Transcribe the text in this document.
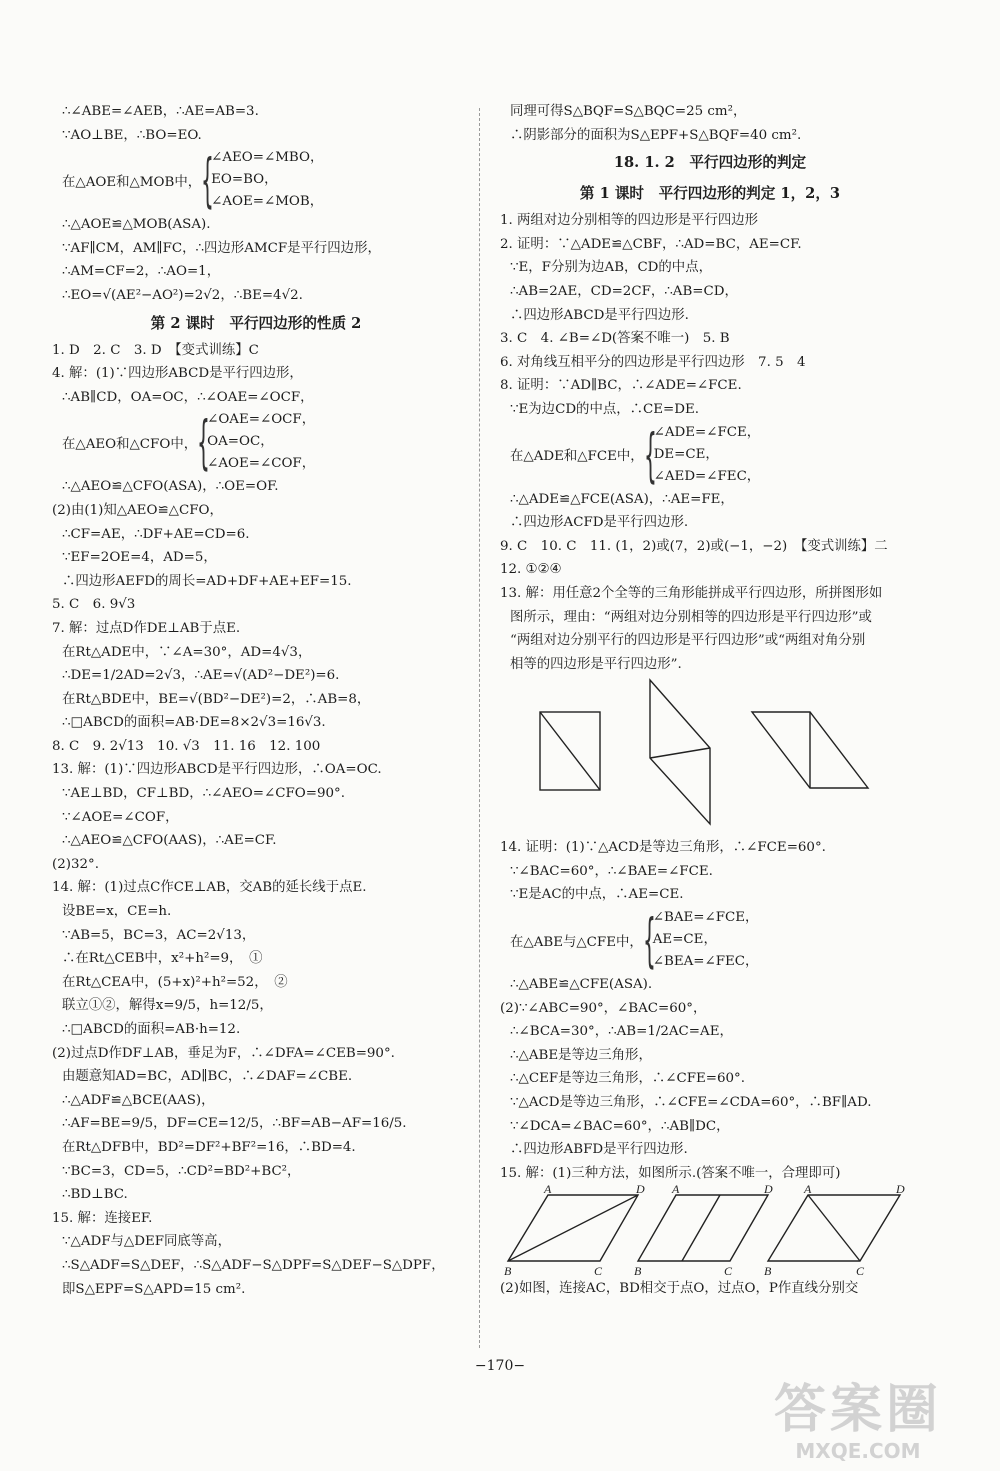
∴∠ABE=∠AEB，∴AE=AB=3.
∵AO⊥BE，∴BO=EO.
在△AOE和△MOB中， {
∠AEO=∠MBO，
EO=BO，
∠AOE=∠MOB，
∴△AOE≌△MOB(ASA).
∵AF∥CM，AM∥FC，∴四边形AMCF是平行四边形，
∴AM=CF=2，∴AO=1，
∴EO=√(AE²−AO²)=2√2，∴BE=4√2.
第 2 课时　平行四边形的性质 2
1. D　2. C　3. D　【变式训练】C
4. 解：(1)∵四边形ABCD是平行四边形，
∴AB∥CD，OA=OC，∴∠OAE=∠OCF，
在△AEO和△CFO中， {
∠OAE=∠OCF，
OA=OC，
∠AOE=∠COF，
∴△AEO≌△CFO(ASA)，∴OE=OF.
(2)由(1)知△AEO≌△CFO，
∴CF=AE，∴DF+AE=CD=6.
∵EF=2OE=4，AD=5，
∴四边形AEFD的周长=AD+DF+AE+EF=15.
5. C　6. 9√3
7. 解：过点D作DE⊥AB于点E.
在Rt△ADE中，∵∠A=30°，AD=4√3，
∴DE=1/2AD=2√3，∴AE=√(AD²−DE²)=6.
在Rt△BDE中，BE=√(BD²−DE²)=2，∴AB=8，
∴□ABCD的面积=AB·DE=8×2√3=16√3.
8. C　9. 2√13　10. √3　11. 16　12. 100
13. 解：(1)∵四边形ABCD是平行四边形，∴OA=OC.
∵AE⊥BD，CF⊥BD，∴∠AEO=∠CFO=90°.
∵∠AOE=∠COF，
∴△AEO≌△CFO(AAS)，∴AE=CF.
(2)32°.
14. 解：(1)过点C作CE⊥AB，交AB的延长线于点E.
设BE=x，CE=h.
∵AB=5，BC=3，AC=2√13，
∴在Rt△CEB中，x²+h²=9，　①
在Rt△CEA中，(5+x)²+h²=52，　②
联立①②，解得x=9/5，h=12/5，
∴□ABCD的面积=AB·h=12.
(2)过点D作DF⊥AB，垂足为F，∴∠DFA=∠CEB=90°.
由题意知AD=BC，AD∥BC，∴∠DAF=∠CBE.
∴△ADF≌△BCE(AAS)，
∴AF=BE=9/5，DF=CE=12/5，∴BF=AB−AF=16/5.
在Rt△DFB中，BD²=DF²+BF²=16，∴BD=4.
∵BC=3，CD=5，∴CD²=BD²+BC²，
∴BD⊥BC.
15. 解：连接EF.
∵△ADF与△DEF同底等高，
∴S△ADF=S△DEF，∴S△ADF−S△DPF=S△DEF−S△DPF，
即S△EPF=S△APD=15 cm².
同理可得S△BQF=S△BQC=25 cm²，
∴阴影部分的面积为S△EPF+S△BQF=40 cm².
18. 1. 2　平行四边形的判定
第 1 课时　平行四边形的判定 1，2，3
1. 两组对边分别相等的四边形是平行四边形
2. 证明：∵△ADE≌△CBF，∴AD=BC，AE=CF.
∵E，F分别为边AB，CD的中点，
∴AB=2AE，CD=2CF，∴AB=CD，
∴四边形ABCD是平行四边形.
3. C　4. ∠B=∠D(答案不唯一)　5. B
6. 对角线互相平分的四边形是平行四边形　7. 5　4
8. 证明：∵AD∥BC，∴∠ADE=∠FCE.
∵E为边CD的中点，∴CE=DE.
在△ADE和△FCE中， {
∠ADE=∠FCE，
DE=CE，
∠AED=∠FEC，
∴△ADE≌△FCE(ASA)，∴AE=FE，
∴四边形ACFD是平行四边形.
9. C　10. C　11. (1，2)或(7，2)或(−1，−2)　【变式训练】二
12. ①②④
13. 解：用任意2个全等的三角形能拼成平行四边形，所拼图形如
图所示，理由：“两组对边分别相等的四边形是平行四边形”或
“两组对边分别平行的四边形是平行四边形”或“两组对角分别
相等的四边形是平行四边形”.
14. 证明：(1)∵△ACD是等边三角形，∴∠FCE=60°.
∵∠BAC=60°，∴∠BAE=∠FCE.
∵E是AC的中点，∴AE=CE.
在△ABE与△CFE中， {
∠BAE=∠FCE，
AE=CE，
∠BEA=∠FEC，
∴△ABE≌△CFE(ASA).
(2)∵∠ABC=90°，∠BAC=60°，
∴∠BCA=30°，∴AB=1/2AC=AE，
∴△ABE是等边三角形，
∴△CEF是等边三角形，∴∠CFE=60°.
∵△ACD是等边三角形，∴∠CFE=∠CDA=60°，∴BF∥AD.
∵∠DCA=∠BAC=60°，∴AB∥DC，
∴四边形ABFD是平行四边形.
15. 解：(1)三种方法，如图所示.(答案不唯一，合理即可)
A	D
B	C
A	D
B	C
A	D
B	C
(2)如图，连接AC，BD相交于点O，过点O，P作直线分别交
−170−
答案圈
MXQE.COM
